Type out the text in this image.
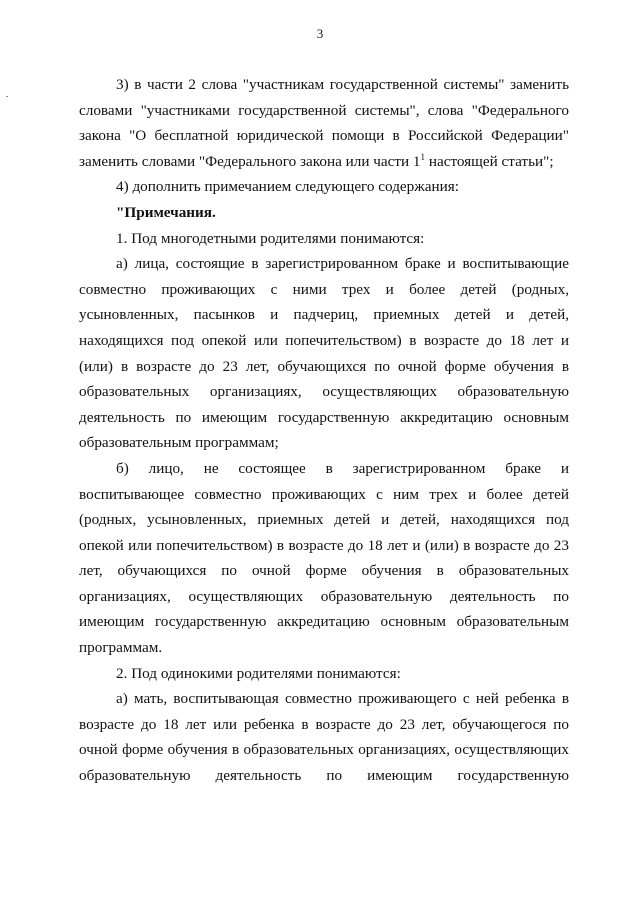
3
3) в части 2 слова "участникам государственной системы" заменить
словами "участниками государственной системы", слова "Федерального
закона "О бесплатной юридической помощи в Российской Федерации"
заменить словами "Федерального закона или части $1^1$ настоящей статьи";
4) дополнить примечанием следующего содержания:
"Примечания.
1. Под многодетными родителями понимаются:
а) лица, состоящие в зарегистрированном браке и воспитывающие
совместно проживающих с ними трех и более детей (родных,
усыновленных, пасынков и падчериц, приемных детей и детей,
находящихся под опекой или попечительством) в возрасте до 18 лет и
(или) в возрасте до 23 лет, обучающихся по очной форме обучения в
образовательных организациях, осуществляющих образовательную
деятельность по имеющим государственную аккредитацию основным
образовательным программам;
б) лицо, не состоящее в зарегистрированном браке и
воспитывающее совместно проживающих с ним трех и более детей
(родных, усыновленных, приемных детей и детей, находящихся под
опекой или попечительством) в возрасте до 18 лет и (или) в возрасте до 23
лет, обучающихся по очной форме обучения в образовательных
организациях, осуществляющих образовательную деятельность по
имеющим государственную аккредитацию основным образовательным
программам.
2. Под одинокими родителями понимаются:
а) мать, воспитывающая совместно проживающего с ней ребенка в
возрасте до 18 лет или ребенка в возрасте до 23 лет, обучающегося по
очной форме обучения в образовательных организациях, осуществляющих
образовательную деятельность по имеющим государственную
